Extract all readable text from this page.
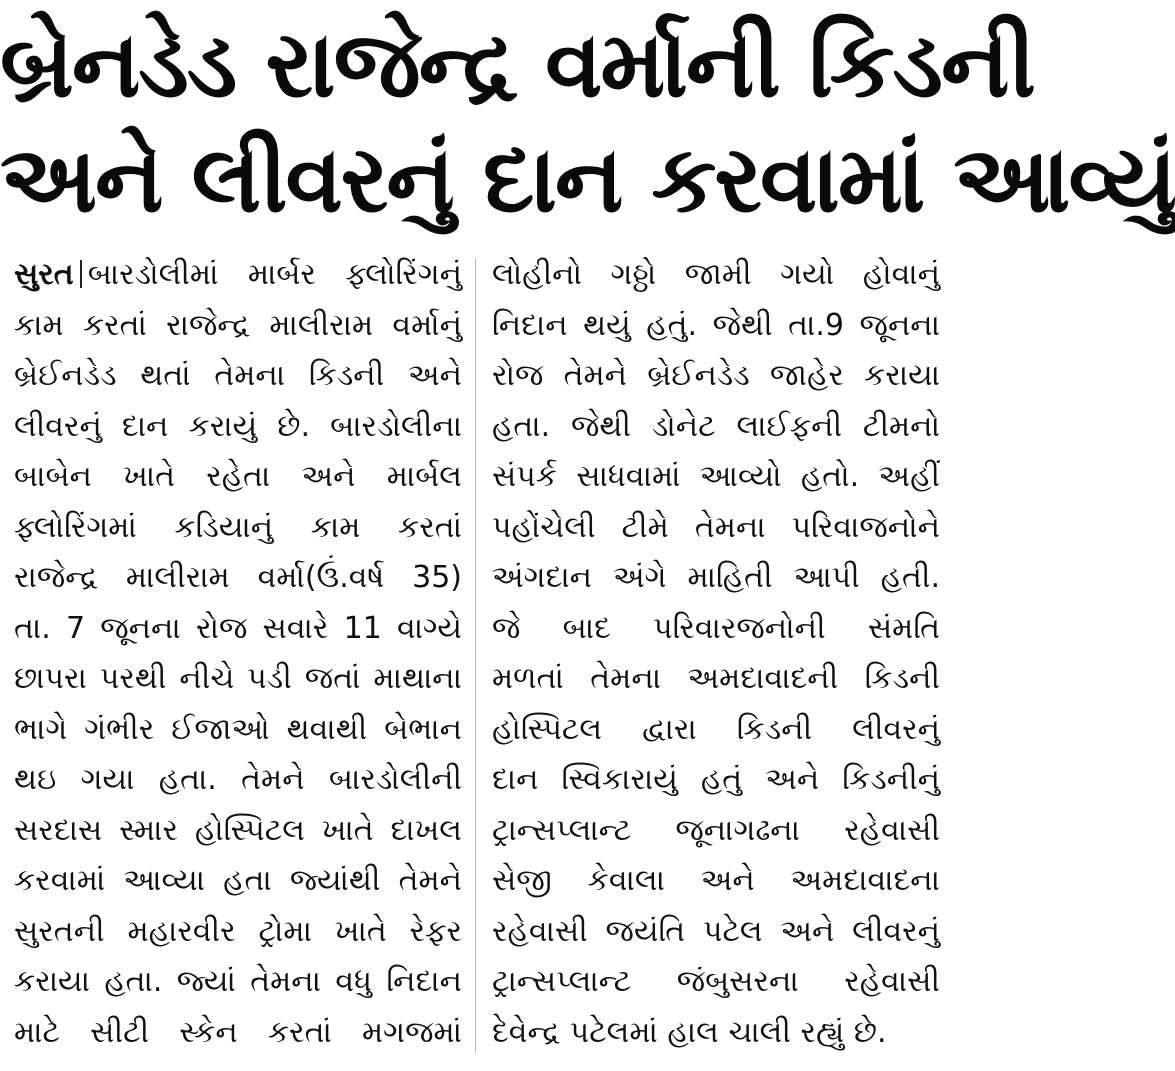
બ્રેનડેડ રાજેન્દ્ર વર્માની કિડની
અને લીવરનું દાન કરવામાં આવ્યું
સુરત બારડોલીમાં માર્બર ફ્લોરિંગનું
કામ કરતાં રાજેન્દ્ર માલીરામ વર્માનું
બ્રેઈનડેડ થતાં તેમના કિડની અને
લીવરનું દાન કરાયું છે. બારડોલીના
બાબેન ખાતે રહેતા અને માર્બલ
ફ્લોરિંગમાં કડિયાનું કામ કરતાં
રાજેન્દ્ર માલીરામ વર્મા(ઉં.વર્ષ 35)
તા. 7 જૂનના રોજ સવારે 11 વાગ્યે
છાપરા પરથી નીચે પડી જતાં માથાના
ભાગે ગંભીર ઈજાઓ થવાથી બેભાન
થઇ ગયા હતા. તેમને બારડોલીની
સરદાસ સ્માર હોસ્પિટલ ખાતે દાખલ
કરવામાં આવ્યા હતા જ્યાંથી તેમને
સુરતની મહારવીર ટ્રોમા ખાતે રેફર
કરાયા હતા. જ્યાં તેમના વધુ નિદાન
માટે સીટી સ્કેન કરતાં મગજમાં
લોહીનો ગઠ્ઠો જામી ગયો હોવાનું
નિદાન થયું હતું. જેથી તા.9 જૂનના
રોજ તેમને બ્રેઈનડેડ જાહેર કરાયા
હતા. જેથી ડોનેટ લાઈફની ટીમનો
સંપર્ક સાધવામાં આવ્યો હતો. અહીં
પહોંચેલી ટીમે તેમના પરિવાજનોને
અંગદાન અંગે માહિતી આપી હતી.
જે બાદ પરિવારજનોની સંમતિ
મળતાં તેમના અમદાવાદની કિડની
હોસ્પિટલ દ્વારા કિડની લીવરનું
દાન સ્વિકારાયું હતું અને કિડનીનું
ટ્રાન્સપ્લાન્ટ જૂનાગઢના રહેવાસી
સેજી કેવાલા અને અમદાવાદના
રહેવાસી જયંતિ પટેલ અને લીવરનું
ટ્રાન્સપ્લાન્ટ જંબુસરના રહેવાસી
દેવેન્દ્ર પટેલમાં હાલ ચાલી રહ્યું છે.
